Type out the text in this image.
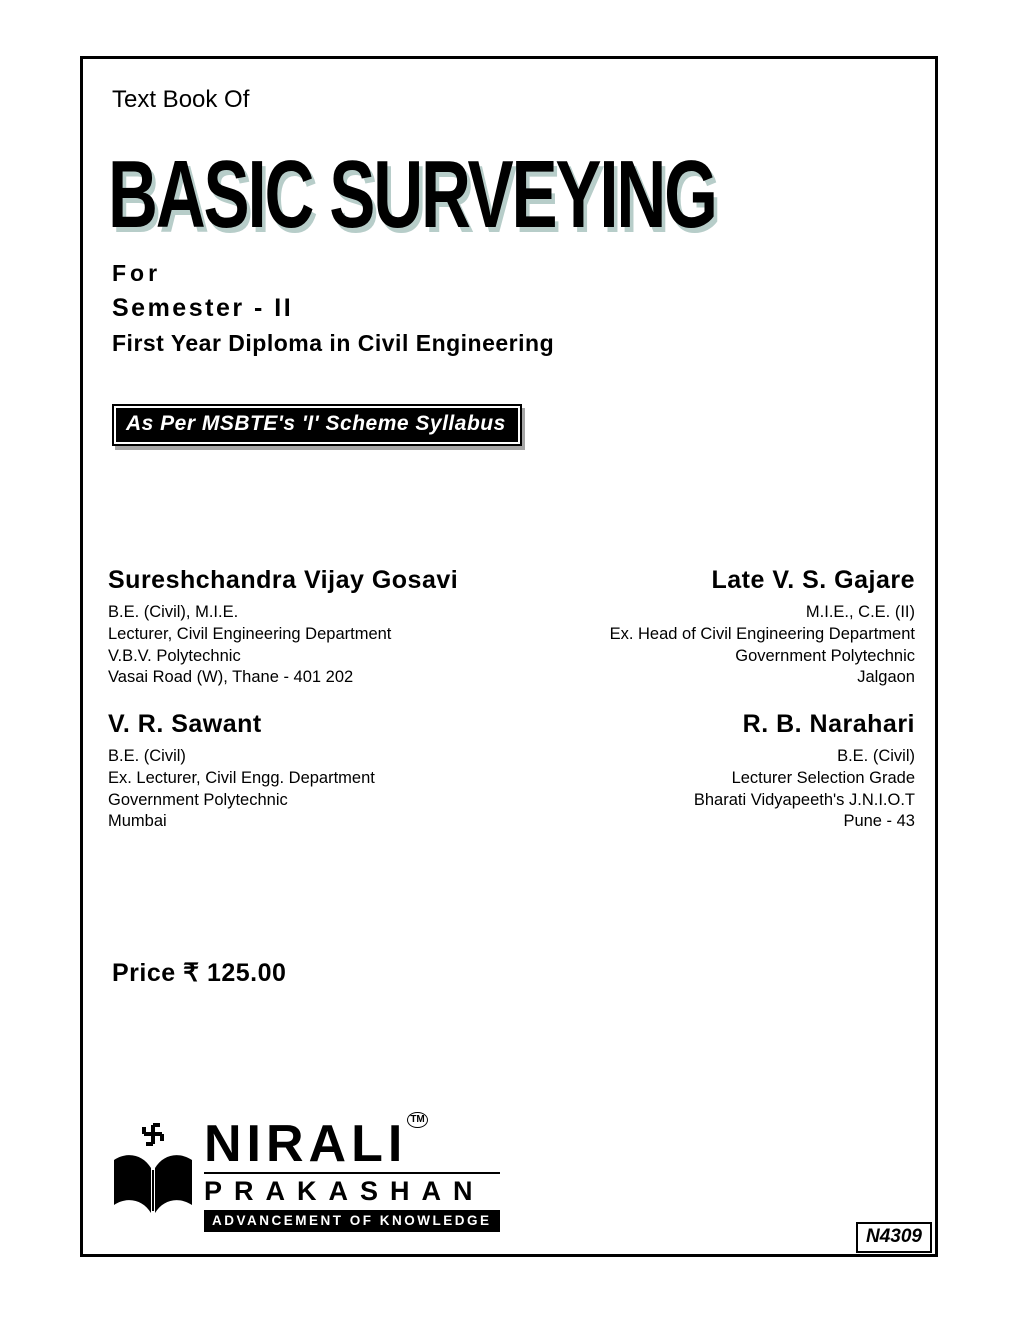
Text Book Of
BASIC SURVEYING
For
Semester - II
First Year Diploma in Civil Engineering
As Per MSBTE's 'I' Scheme Syllabus
Sureshchandra Vijay Gosavi
B.E. (Civil), M.I.E.
Lecturer, Civil Engineering Department
V.B.V. Polytechnic
Vasai Road (W), Thane - 401 202
Late V. S. Gajare
M.I.E., C.E. (II)
Ex. Head of Civil Engineering Department
Government Polytechnic
Jalgaon
V. R. Sawant
B.E. (Civil)
Ex. Lecturer, Civil Engg. Department
Government Polytechnic
Mumbai
R. B. Narahari
B.E. (Civil)
Lecturer Selection Grade
Bharati Vidyapeeth's J.N.I.O.T
Pune - 43
Price ₹ 125.00
NIRALI TM
PRAKASHAN
ADVANCEMENT OF KNOWLEDGE
N4309
